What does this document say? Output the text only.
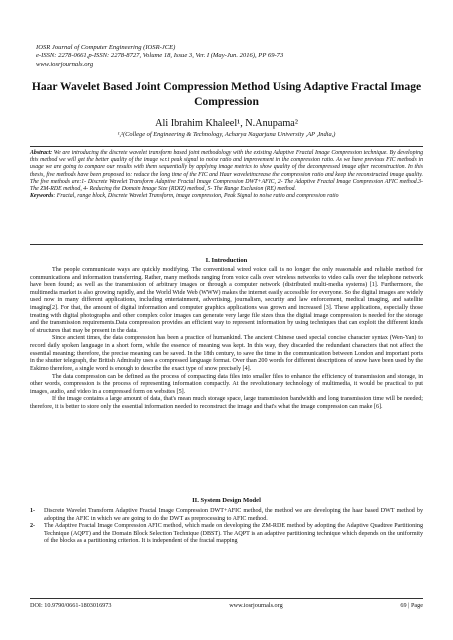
IOSR Journal of Computer Engineering (IOSR-JCE)
e-ISSN: 2278-0661,p-ISSN: 2278-8727, Volume 18, Issue 3, Ver. I (May-Jun. 2016), PP 69-73
www.iosrjournals.org
Haar Wavelet Based Joint Compression Method Using Adaptive Fractal Image Compression
Ali Ibrahim Khaleel¹, N.Anupama²
¹,²(College of Engineering & Technology, Acharya Nagarjuna University ,AP ,India,)
Abstract: We are introducing the discrete wavelet transform based joint methodology with the existing Adaptive Fractal Image Compression technique. By developing this method we will get the better quality of the image w.r.t peak signal to noise ratio and improvement in the compression ratio. As we have previous FIC methods in usage we are going to compare our results with them sequentially by applying image metrics to show quality of the decompressed image after reconstruction. In this thesis, five methods have been proposed to: reduce the long time of the FIC and Haar waveletincrease the compression ratio and keep the reconstructed image quality. The five methods are:1- Discrete Wavelet Transform Adaptive Fractal Image Compression DWT+AFIC, 2- The Adaptive Fractal Image Compression AFIC method.3- The ZM-RDE method, 4- Reducing the Domain Image Size (RDIZ) method, 5- The Range Exclusion (RE) method.
Keywords: Fractal, range block, Discrete Wavelet Transform, image compression, Peak Signal to noise ratio and compression ratio
I. Introduction

The people communicate ways are quickly modifying. The conventional wired voice call is no longer the only reasonable and reliable method for communications and information transferring. Rather, many methods ranging from voice calls over wireless networks to video calls over the telephone network have been found; as well as the transmission of arbitrary images or through a computer network (distributed multi-media systems) [1]. Furthermore, the multimedia market is also growing rapidly, and the World Wide Web (WWW) makes the internet easily accessible for everyone. So the digital images are widely used now in many different applications, including entertainment, advertising, journalism, security and law enforcement, medical imaging, and satellite imaging[2]. For that, the amount of digital information and computer graphics applications was grown and increased [3]. These applications, especially those treating with digital photographs and other complex color images can generate very large file sizes thus the digital image compression is needed for the storage and the transmission requirements.Data compression provides an efficient way to represent information by using techniques that can exploit the different kinds of structures that may be present in the data.

Since ancient times, the data compression has been a practice of humankind. The ancient Chinese used special concise character syntax (Wen-Yan) to record daily spoken language in a short form, while the essence of meaning was kept. In this way, they discarded the redundant characters that not affect the essential meaning; therefore, the precise meaning can be saved. In the 18th century, to save the time in the communication between London and important ports in the shutter telegraph, the British Admiralty uses a compressed language format. Over than 200 words for different descriptions of snow have been used by the Eskimo therefore, a single word is enough to describe the exact type of snow precisely [4].

The data compression can be defined as the process of compacting data files into smaller files to enhance the efficiency of transmission and storage, in other words, compression is the process of representing information compactly. At the revolutionary technology of multimedia, it would be practical to put images, audio, and video in a compressed form on websites [5].

If the image contains a large amount of data, that's mean much storage space, large transmission bandwidth and long transmission time will be needed; therefore, it is better to store only the essential information needed to reconstruct the image and that's what the image compression can make [6].

II. System Design Model
1-	Discrete Wavelet Transform Adaptive Fractal Image Compression DWT+AFIC method, the method we are developing the haar based DWT method by adopting the AFIC in which we are going to do the DWT as preprocessing to AFIC method.
2-	The Adaptive Fractal Image Compression AFIC method, which made on developing the ZM-RDE method by adopting the Adaptive Quadtree Partitioning Technique (AQPT) and the Domain Block Selection Technique (DBST). The AQPT is an adaptive partitioning technique which depends on the uniformity of the blocks as a partitioning criterion. It is independent of the fractal mapping
DOI: 10.9790/0661-1803016973	www.iosrjournals.org	69 | Page
